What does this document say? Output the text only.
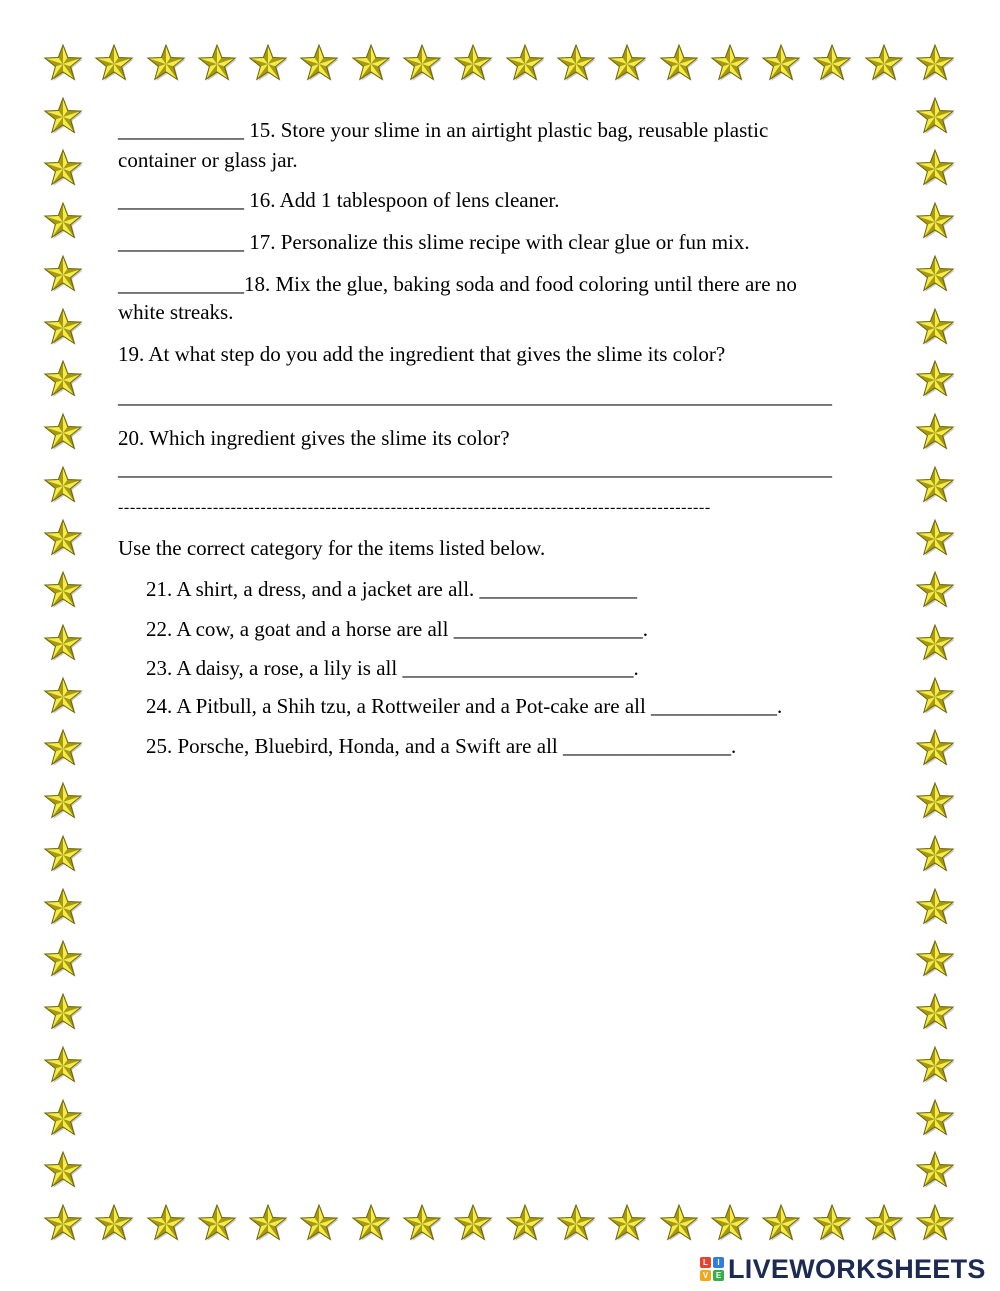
____________ 15. Store your slime in an airtight plastic bag, reusable plastic
container or glass jar.
____________ 16. Add 1 tablespoon of lens cleaner.
____________ 17. Personalize this slime recipe with clear glue or fun mix.
____________18. Mix the glue, baking soda and food coloring until there are no
white streaks.
19. At what step do you add the ingredient that gives the slime its color?
____________________________________________________________________
20. Which ingredient gives the slime its color?
____________________________________________________________________
----------------------------------------------------------------------------------------------------
Use the correct category for the items listed below.
21. A shirt, a dress, and a jacket are all. _______________
22. A cow, a goat and a horse are all __________________.
23. A daisy, a rose, a lily is all ______________________.
24. A Pitbull, a Shih tzu, a Rottweiler and a Pot-cake are all ____________.
25. Porsche, Bluebird, Honda, and a Swift are all ________________.
L	I
V E LIVEWORKSHEETS
